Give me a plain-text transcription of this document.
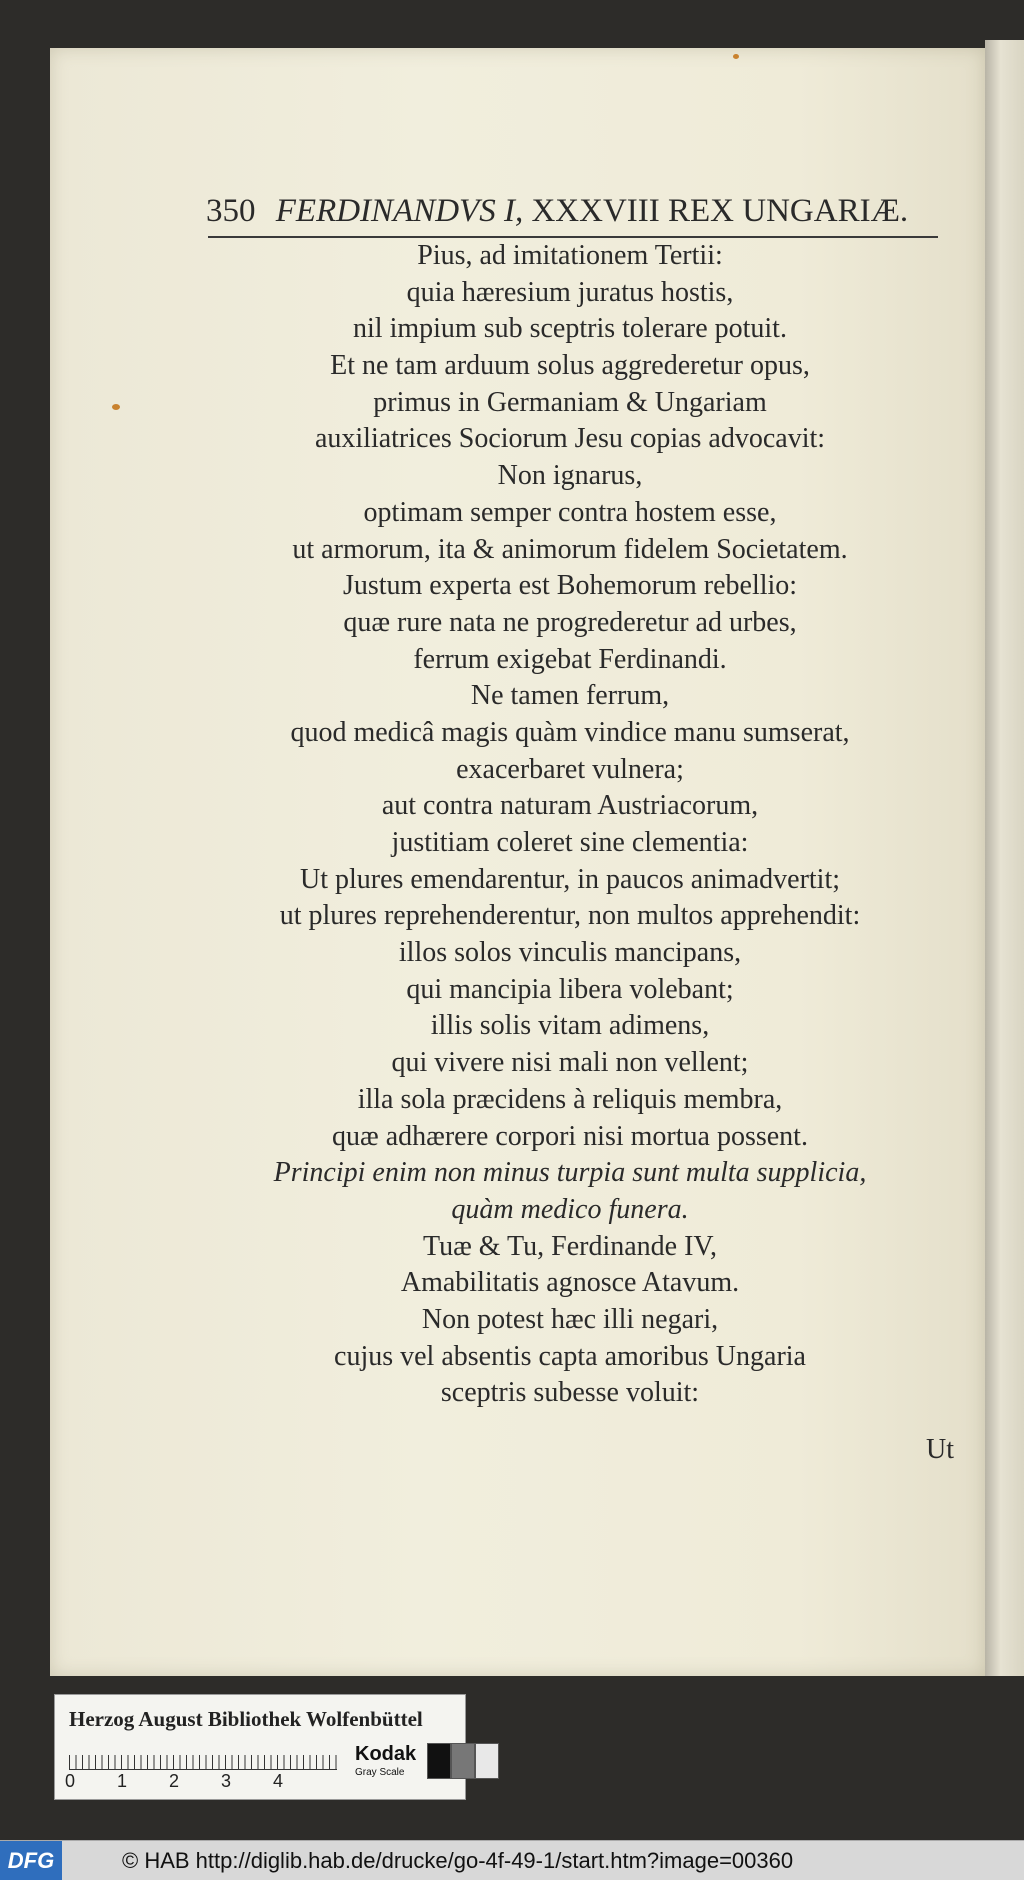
350 FERDINANDVS I, XXXVIII REX UNGARIÆ.
Pius, ad imitationem Tertii:
quia hæresium juratus hostis,
nil impium sub sceptris tolerare potuit.
Et ne tam arduum solus aggrederetur opus,
primus in Germaniam & Ungariam
auxiliatrices Sociorum Jesu copias advocavit:
Non ignarus,
optimam semper contra hostem esse,
ut armorum, ita & animorum fidelem Societatem.
Justum experta est Bohemorum rebellio:
quæ rure nata ne progrederetur ad urbes,
ferrum exigebat Ferdinandi.
Ne tamen ferrum,
quod medicâ magis quàm vindice manu sumserat,
exacerbaret vulnera;
aut contra naturam Austriacorum,
justitiam coleret sine clementia:
Ut plures emendarentur, in paucos animadvertit;
ut plures reprehenderentur, non multos apprehendit:
illos solos vinculis mancipans,
qui mancipia libera volebant;
illis solis vitam adimens,
qui vivere nisi mali non vellent;
illa sola præcidens à reliquis membra,
quæ adhærere corpori nisi mortua possent.
Principi enim non minus turpia sunt multa supplicia,
quàm medico funera.
Tuæ & Tu, Ferdinande IV,
Amabilitatis agnosce Atavum.
Non potest hæc illi negari,
cujus vel absentis capta amoribus Ungaria
sceptris subesse voluit:
Ut
Herzog August Bibliothek Wolfenbüttel
0 1 2 3 4
Kodak
Gray Scale
DFG	© HAB http://diglib.hab.de/drucke/go-4f-49-1/start.htm?image=00360
